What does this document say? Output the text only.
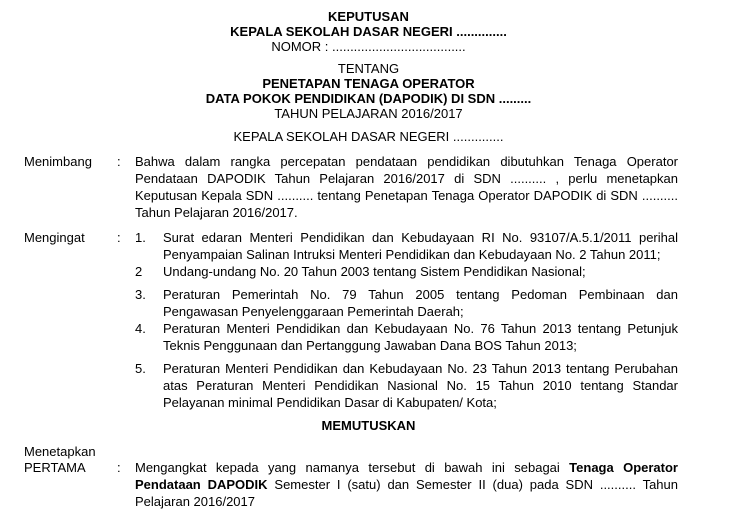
KEPUTUSAN
KEPALA SEKOLAH DASAR NEGERI ..............
NOMOR : .....................................
TENTANG
PENETAPAN TENAGA OPERATOR
DATA POKOK PENDIDIKAN (DAPODIK) DI SDN .........
TAHUN PELAJARAN 2016/2017
KEPALA SEKOLAH DASAR NEGERI ..............
Menimbang : Bahwa dalam rangka percepatan pendataan pendidikan dibutuhkan Tenaga Operator Pendataan DAPODIK Tahun Pelajaran 2016/2017 di SDN .......... , perlu menetapkan Keputusan Kepala SDN .......... tentang Penetapan Tenaga Operator DAPODIK di SDN .......... Tahun Pelajaran 2016/2017.
Mengingat : 1. Surat edaran Menteri Pendidikan dan Kebudayaan RI No. 93107/A.5.1/2011 perihal Penyampaian Salinan Intruksi Menteri Pendidikan dan Kebudayaan No. 2 Tahun 2011;
2 Undang-undang No. 20 Tahun 2003 tentang Sistem Pendidikan Nasional;
3. Peraturan Pemerintah No. 79 Tahun 2005 tentang Pedoman Pembinaan dan Pengawasan Penyelenggaraan Pemerintah Daerah;
4. Peraturan Menteri Pendidikan dan Kebudayaan No. 76 Tahun 2013 tentang Petunjuk Teknis Penggunaan dan Pertanggung Jawaban Dana BOS Tahun 2013;
5. Peraturan Menteri Pendidikan dan Kebudayaan No. 23 Tahun 2013 tentang Perubahan atas Peraturan Menteri Pendidikan Nasional No. 15 Tahun 2010 tentang Standar Pelayanan minimal Pendidikan Dasar di Kabupaten/ Kota;
MEMUTUSKAN
Menetapkan
PERTAMA : Mengangkat kepada yang namanya tersebut di bawah ini sebagai Tenaga Operator Pendataan DAPODIK Semester I (satu) dan Semester II (dua) pada SDN .......... Tahun Pelajaran 2016/2017
